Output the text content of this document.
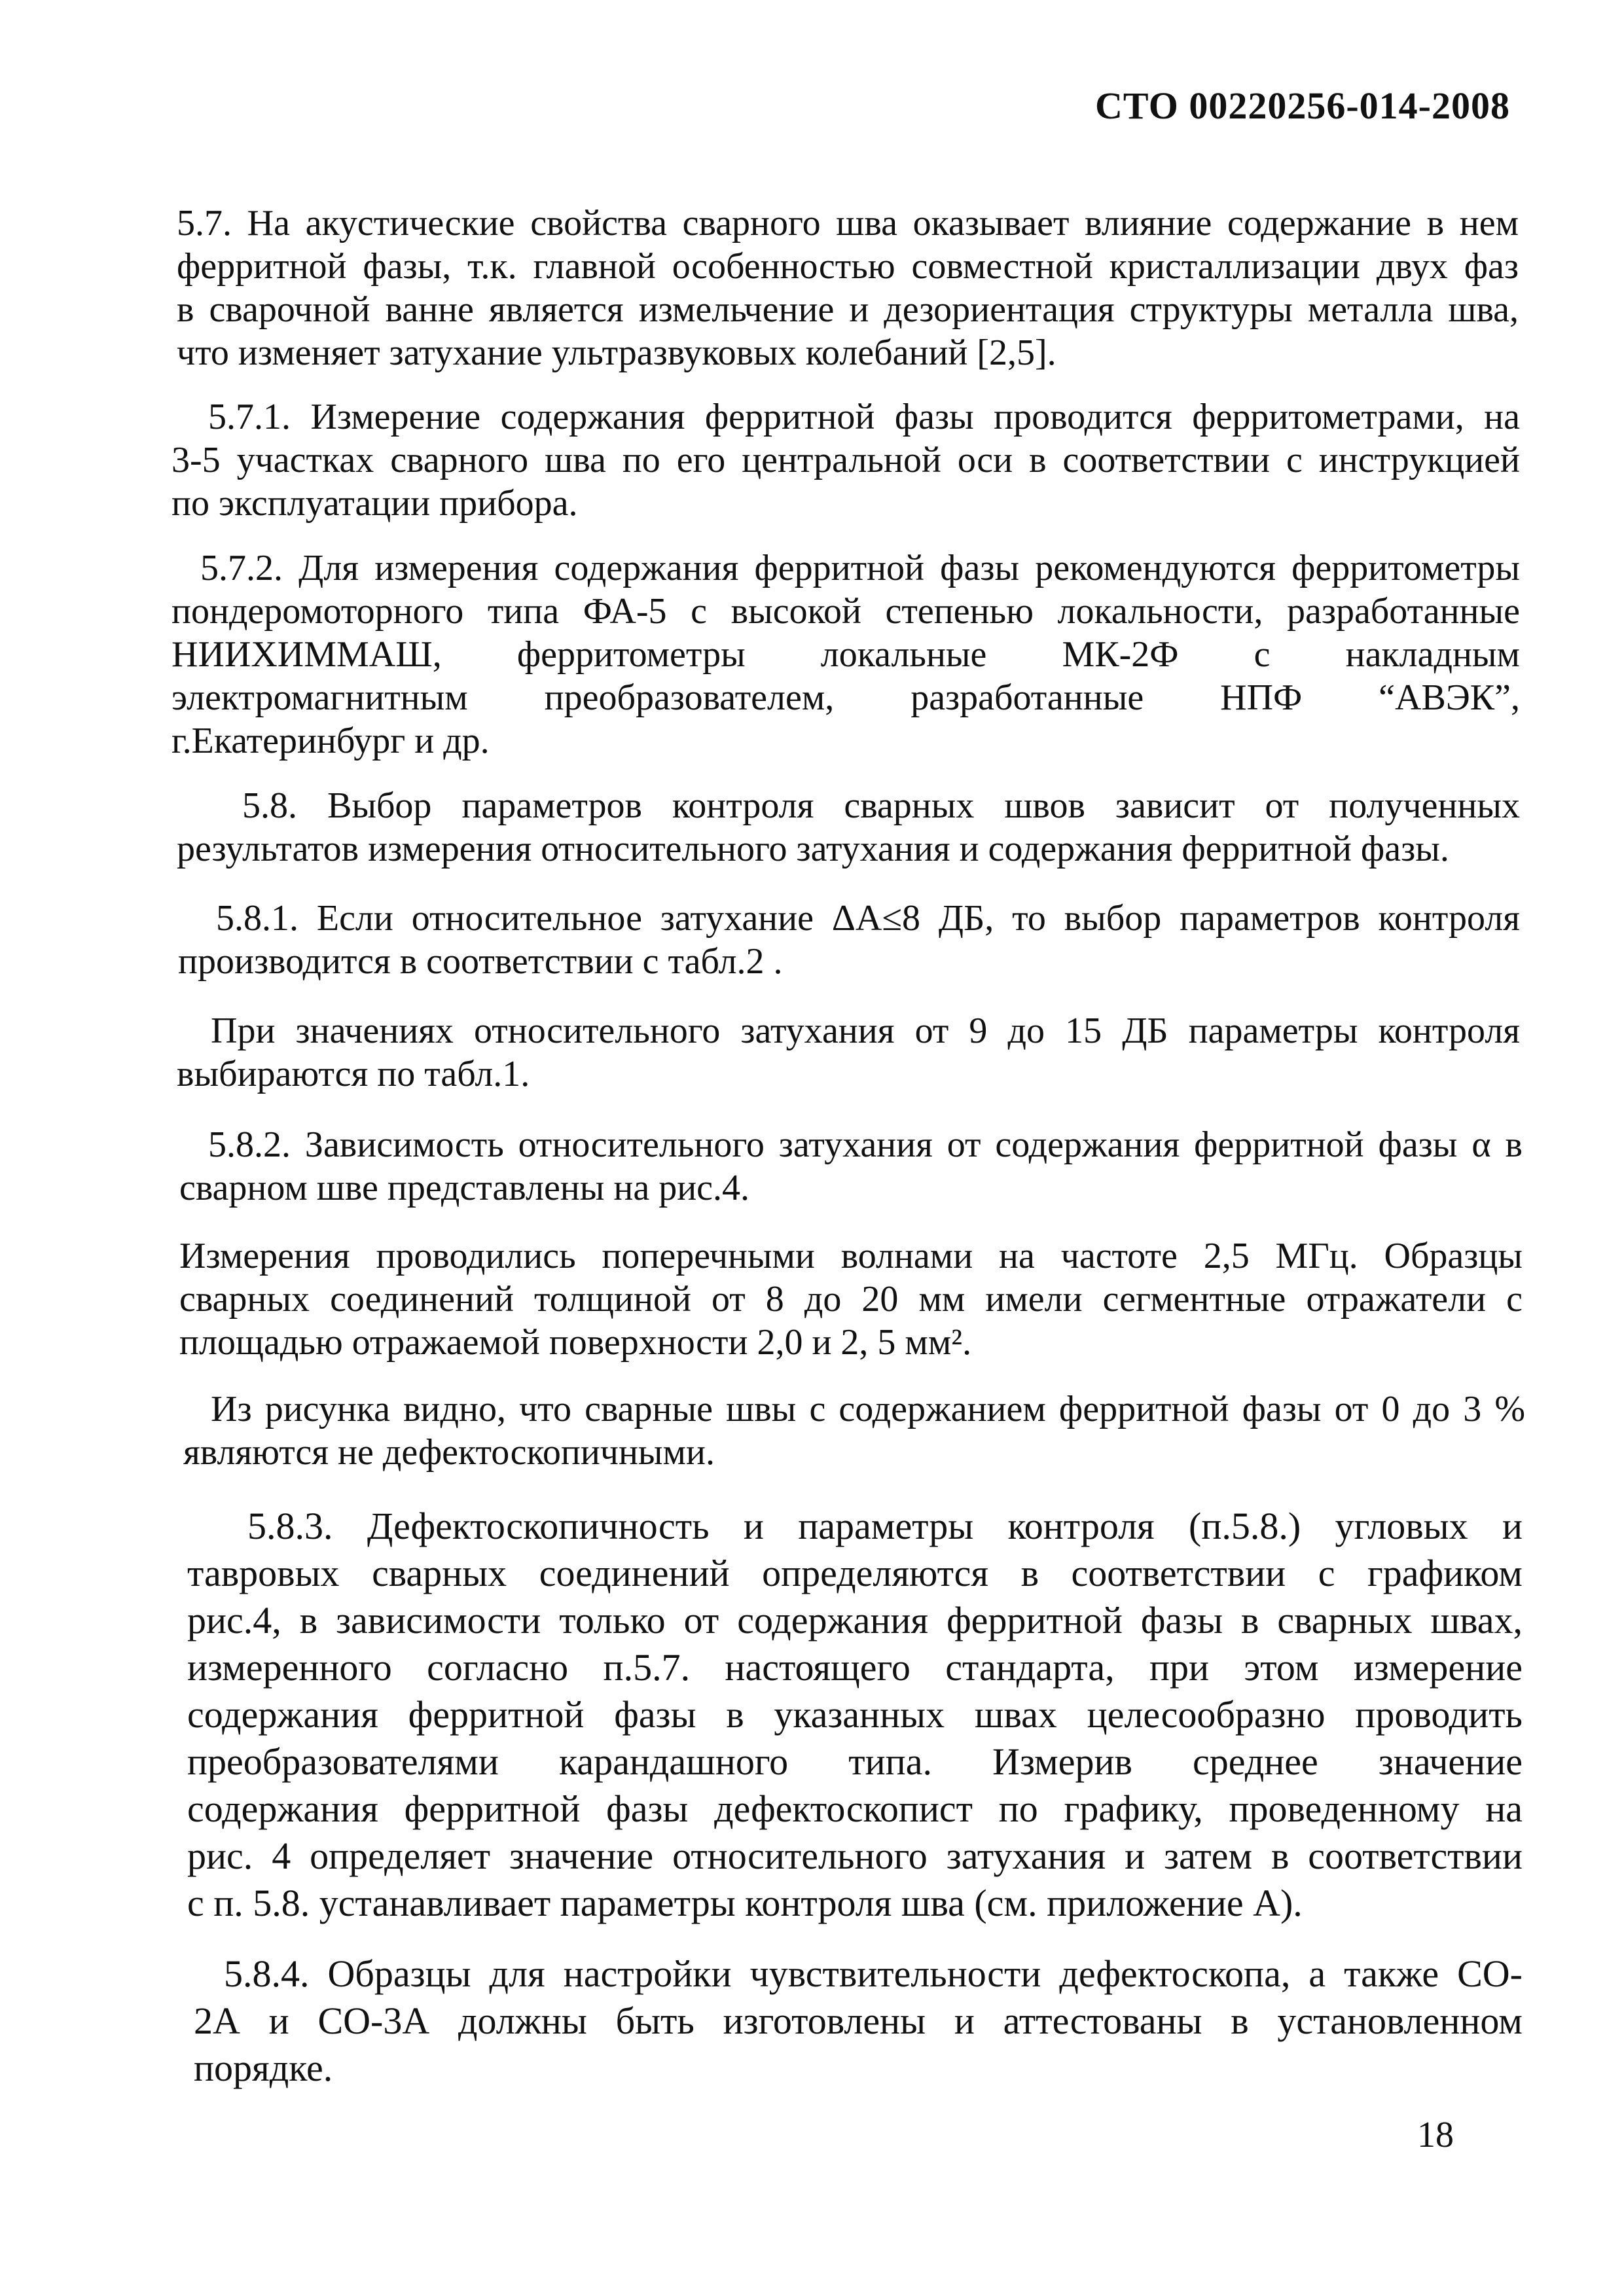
СТО 00220256-014-2008
5.7. На акустические свойства сварного шва оказывает влияние содержание в нем
ферритной фазы, т.к. главной особенностью совместной кристаллизации двух фаз
в сварочной ванне является измельчение и дезориентация структуры металла шва,
что изменяет затухание ультразвуковых колебаний [2,5].
5.7.1. Измерение содержания ферритной фазы проводится ферритометрами, на
3-5 участках сварного шва по его центральной оси в соответствии с инструкцией
по эксплуатации прибора.
5.7.2. Для измерения содержания ферритной фазы рекомендуются ферритометры
пондеромоторного типа ФА-5 с высокой степенью локальности, разработанные
НИИХИММАШ, ферритометры локальные МК-2Ф с накладным
электромагнитным преобразователем, разработанные НПФ “АВЭК”,
г.Екатеринбург и др.
5.8. Выбор параметров контроля сварных швов зависит от полученных
результатов измерения относительного затухания и содержания ферритной фазы.
5.8.1. Если относительное затухание ΔА≤8 ДБ, то выбор параметров контроля
производится в соответствии с табл.2 .
При значениях относительного затухания от 9 до 15 ДБ параметры контроля
выбираются по табл.1.
5.8.2. Зависимость относительного затухания от содержания ферритной фазы α в
сварном шве представлены на рис.4.
Измерения проводились поперечными волнами на частоте 2,5 МГц. Образцы
сварных соединений толщиной от 8 до 20 мм имели сегментные отражатели с
площадью отражаемой поверхности 2,0 и 2, 5 мм².
Из рисунка видно, что сварные швы с содержанием ферритной фазы от 0 до 3 %
являются не дефектоскопичными.
5.8.3. Дефектоскопичность и параметры контроля (п.5.8.) угловых и
тавровых сварных соединений определяются в соответствии с графиком
рис.4, в зависимости только от содержания ферритной фазы в сварных швах,
измеренного согласно п.5.7. настоящего стандарта, при этом измерение
содержания ферритной фазы в указанных швах целесообразно проводить
преобразователями карандашного типа. Измерив среднее значение
содержания ферритной фазы дефектоскопист по графику, проведенному на
рис. 4 определяет значение относительного затухания и затем в соответствии
с п. 5.8. устанавливает параметры контроля шва (см. приложение А).
5.8.4. Образцы для настройки чувствительности дефектоскопа, а также СО-
2А и СО-3А должны быть изготовлены и аттестованы в установленном
порядке.
18
